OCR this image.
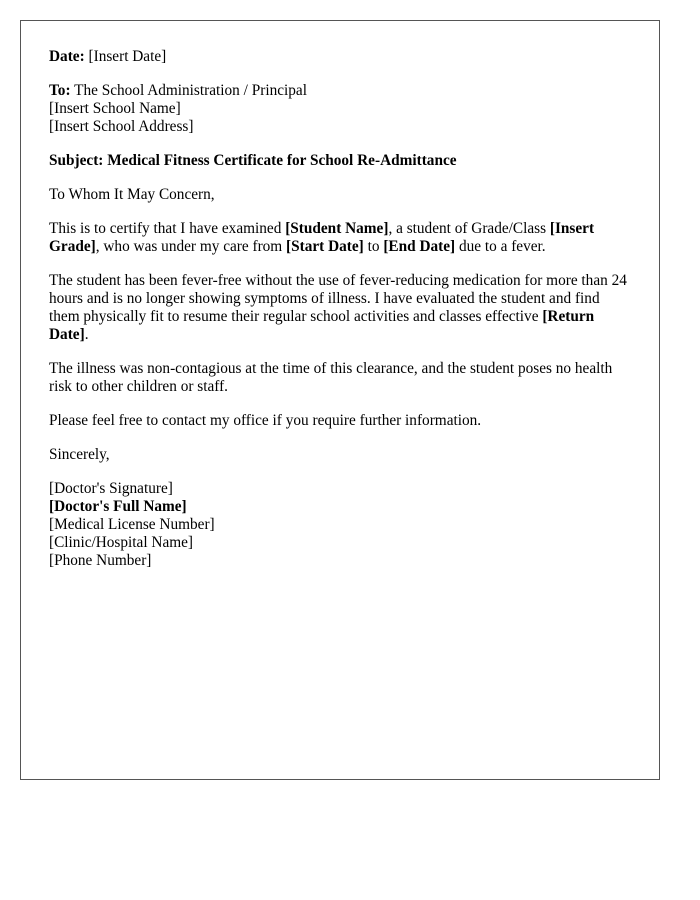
Date: [Insert Date]
To: The School Administration / Principal
[Insert School Name]
[Insert School Address]
Subject: Medical Fitness Certificate for School Re-Admittance
To Whom It May Concern,
This is to certify that I have examined [Student Name], a student of Grade/Class [Insert Grade], who was under my care from [Start Date] to [End Date] due to a fever.
The student has been fever-free without the use of fever-reducing medication for more than 24 hours and is no longer showing symptoms of illness. I have evaluated the student and find them physically fit to resume their regular school activities and classes effective [Return Date].
The illness was non-contagious at the time of this clearance, and the student poses no health risk to other children or staff.
Please feel free to contact my office if you require further information.
Sincerely,
[Doctor's Signature]
[Doctor's Full Name]
[Medical License Number]
[Clinic/Hospital Name]
[Phone Number]
